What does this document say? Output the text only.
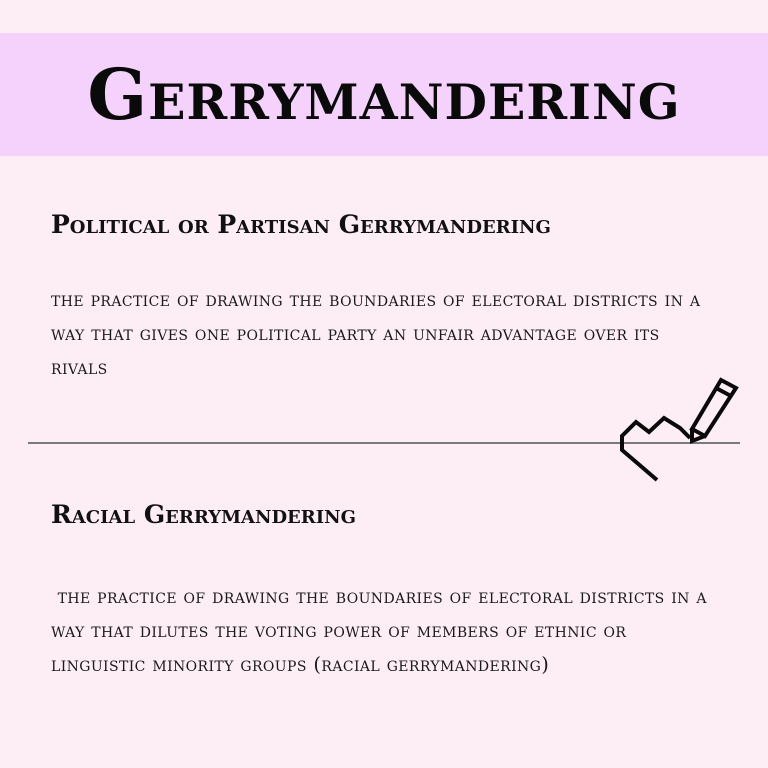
Gerrymandering
Political or Partisan Gerrymandering

the practice of drawing the boundaries of electoral districts in a way that gives one political party an unfair advantage over its rivals

Racial Gerrymandering

the practice of drawing the boundaries of electoral districts in a way that dilutes the voting power of members of ethnic or linguistic minority groups (racial gerrymandering)
